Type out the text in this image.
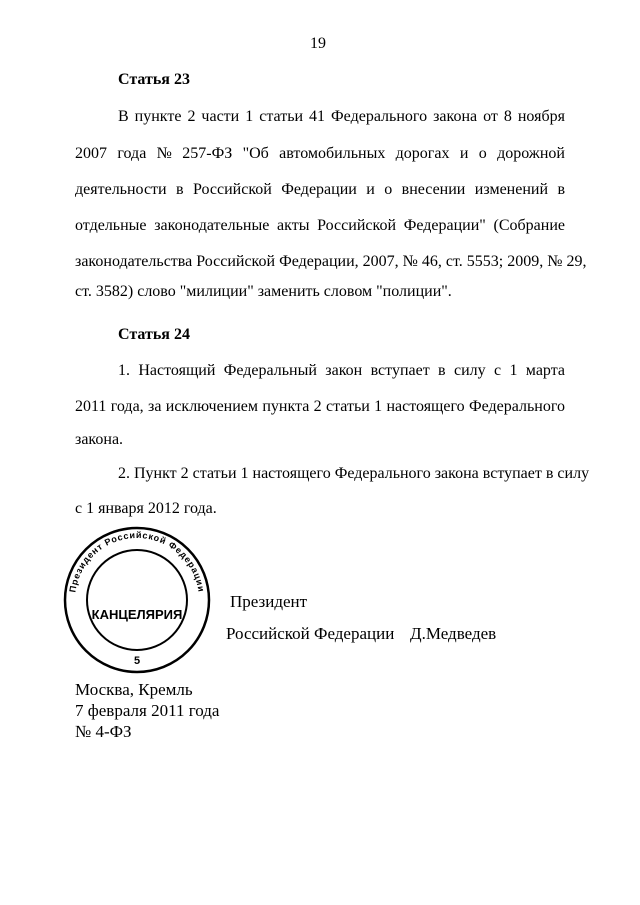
19
Статья 23
В пункте 2 части 1 статьи 41 Федерального закона от 8 ноября
2007 года № 257-ФЗ "Об автомобильных дорогах и о дорожной
деятельности в Российской Федерации и о внесении изменений в
отдельные законодательные акты Российской Федерации" (Собрание
законодательства Российской Федерации, 2007, № 46, ст. 5553; 2009, № 29,
ст. 3582) слово "милиции" заменить словом "полиции".
Статья 24
1. Настоящий Федеральный закон вступает в силу с 1 марта
2011 года, за исключением пункта 2 статьи 1 настоящего Федерального
закона.
2. Пункт 2 статьи 1 настоящего Федерального закона вступает в силу
с 1 января 2012 года.
Президент Российской Федерации
КАНЦЕЛЯРИЯ
5
Президент
Российской Федерации Д.Медведев
Москва, Кремль
7 февраля 2011 года
№ 4-ФЗ
